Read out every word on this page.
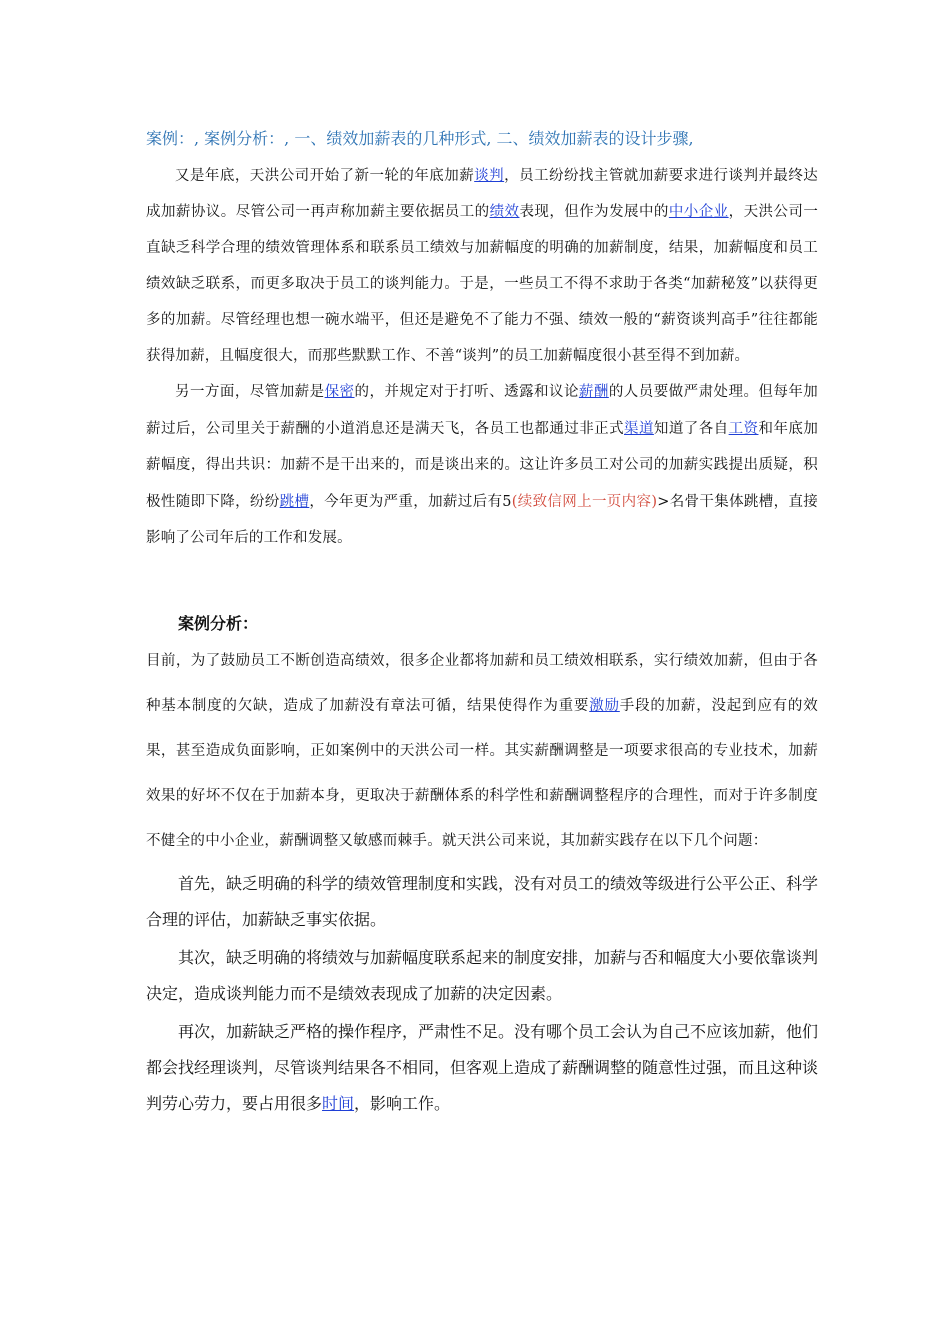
案例：, 案例分析：, 一、绩效加薪表的几种形式, 二、绩效加薪表的设计步骤,

又是年底，天洪公司开始了新一轮的年底加薪谈判，员工纷纷找主管就加薪要求进行谈判并最终达成加薪协议。尽管公司一再声称加薪主要依据员工的绩效表现，但作为发展中的中小企业，天洪公司一直缺乏科学合理的绩效管理体系和联系员工绩效与加薪幅度的明确的加薪制度，结果，加薪幅度和员工绩效缺乏联系，而更多取决于员工的谈判能力。于是，一些员工不得不求助于各类“加薪秘笈”以获得更多的加薪。尽管经理也想一碗水端平，但还是避免不了能力不强、绩效一般的“薪资谈判高手”往往都能获得加薪，且幅度很大，而那些默默工作、不善“谈判”的员工加薪幅度很小甚至得不到加薪。

另一方面，尽管加薪是保密的，并规定对于打听、透露和议论薪酬的人员要做严肃处理。但每年加薪过后，公司里关于薪酬的小道消息还是满天飞，各员工也都通过非正式渠道知道了各自工资和年底加薪幅度，得出共识：加薪不是干出来的，而是谈出来的。这让许多员工对公司的加薪实践提出质疑，积极性随即下降，纷纷跳槽，今年更为严重，加薪过后有5(续致信网上一页内容)>名骨干集体跳槽，直接影响了公司年后的工作和发展。

案例分析：

目前，为了鼓励员工不断创造高绩效，很多企业都将加薪和员工绩效相联系，实行绩效加薪，但由于各种基本制度的欠缺，造成了加薪没有章法可循，结果使得作为重要激励手段的加薪，没起到应有的效果，甚至造成负面影响，正如案例中的天洪公司一样。其实薪酬调整是一项要求很高的专业技术，加薪效果的好坏不仅在于加薪本身，更取决于薪酬体系的科学性和薪酬调整程序的合理性，而对于许多制度不健全的中小企业，薪酬调整又敏感而棘手。就天洪公司来说，其加薪实践存在以下几个问题：

首先，缺乏明确的科学的绩效管理制度和实践，没有对员工的绩效等级进行公平公正、科学合理的评估，加薪缺乏事实依据。

其次，缺乏明确的将绩效与加薪幅度联系起来的制度安排，加薪与否和幅度大小要依靠谈判决定，造成谈判能力而不是绩效表现成了加薪的决定因素。

再次，加薪缺乏严格的操作程序，严肃性不足。没有哪个员工会认为自己不应该加薪，他们都会找经理谈判，尽管谈判结果各不相同，但客观上造成了薪酬调整的随意性过强，而且这种谈判劳心劳力，要占用很多时间，影响工作。
